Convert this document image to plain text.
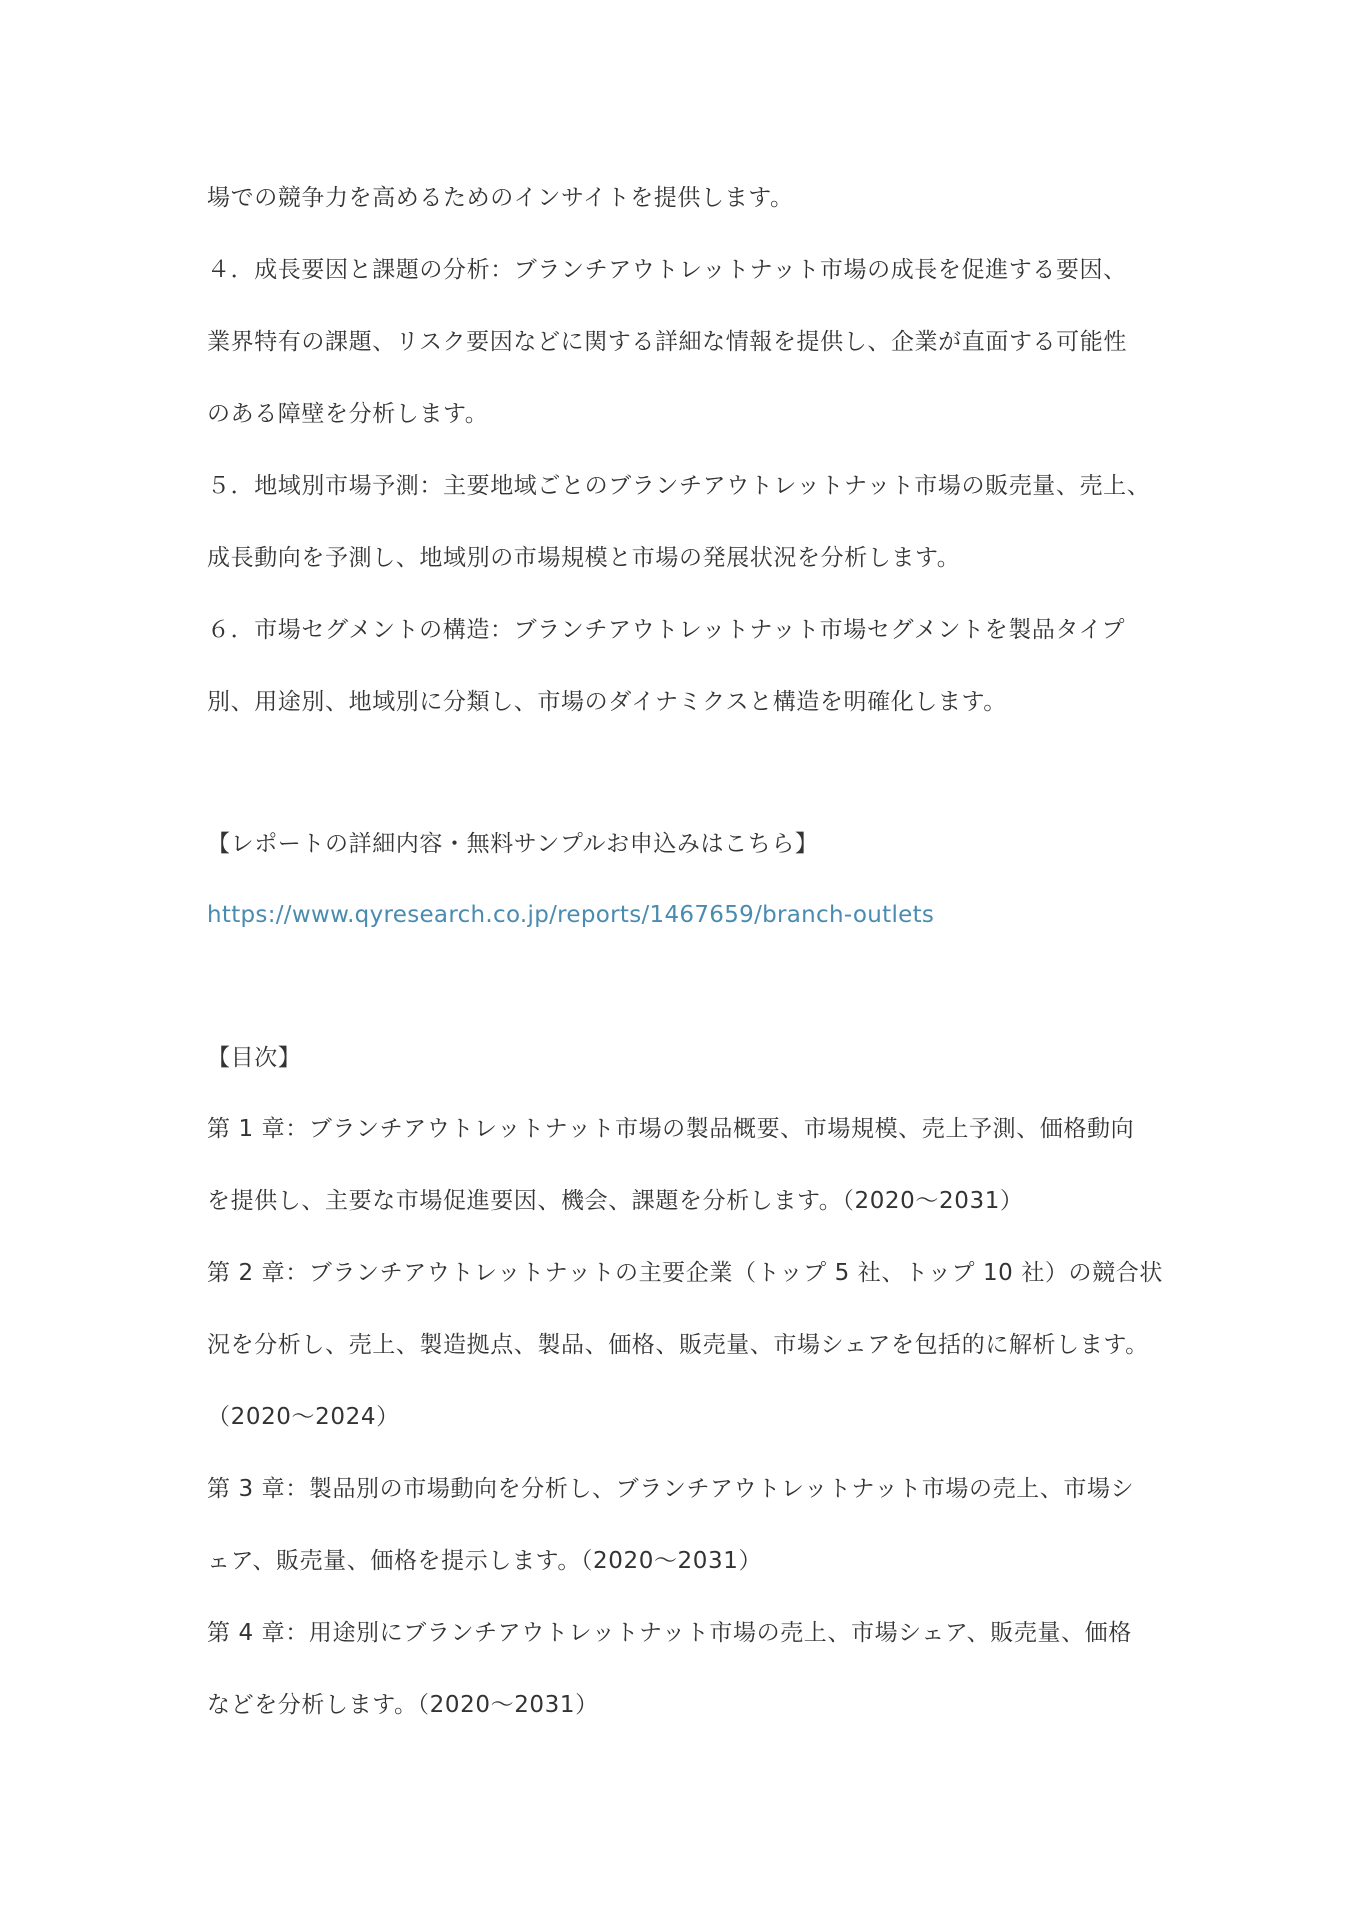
場での競争力を高めるためのインサイトを提供します。
４．成長要因と課題の分析：ブランチアウトレットナット市場の成長を促進する要因、
業界特有の課題、リスク要因などに関する詳細な情報を提供し、企業が直面する可能性
のある障壁を分析します。
５．地域別市場予測：主要地域ごとのブランチアウトレットナット市場の販売量、売上、
成長動向を予測し、地域別の市場規模と市場の発展状況を分析します。
６．市場セグメントの構造：ブランチアウトレットナット市場セグメントを製品タイプ
別、用途別、地域別に分類し、市場のダイナミクスと構造を明確化します。
【レポートの詳細内容・無料サンプルお申込みはこちら】
https://www.qyresearch.co.jp/reports/1467659/branch-outlets
【目次】
第 1 章：ブランチアウトレットナット市場の製品概要、市場規模、売上予測、価格動向
を提供し、主要な市場促進要因、機会、課題を分析します。（2020～2031）
第 2 章：ブランチアウトレットナットの主要企業（トップ 5 社、トップ 10 社）の競合状
況を分析し、売上、製造拠点、製品、価格、販売量、市場シェアを包括的に解析します。
（2020～2024）
第 3 章：製品別の市場動向を分析し、ブランチアウトレットナット市場の売上、市場シ
ェア、販売量、価格を提示します。（2020～2031）
第 4 章：用途別にブランチアウトレットナット市場の売上、市場シェア、販売量、価格
などを分析します。（2020～2031）
